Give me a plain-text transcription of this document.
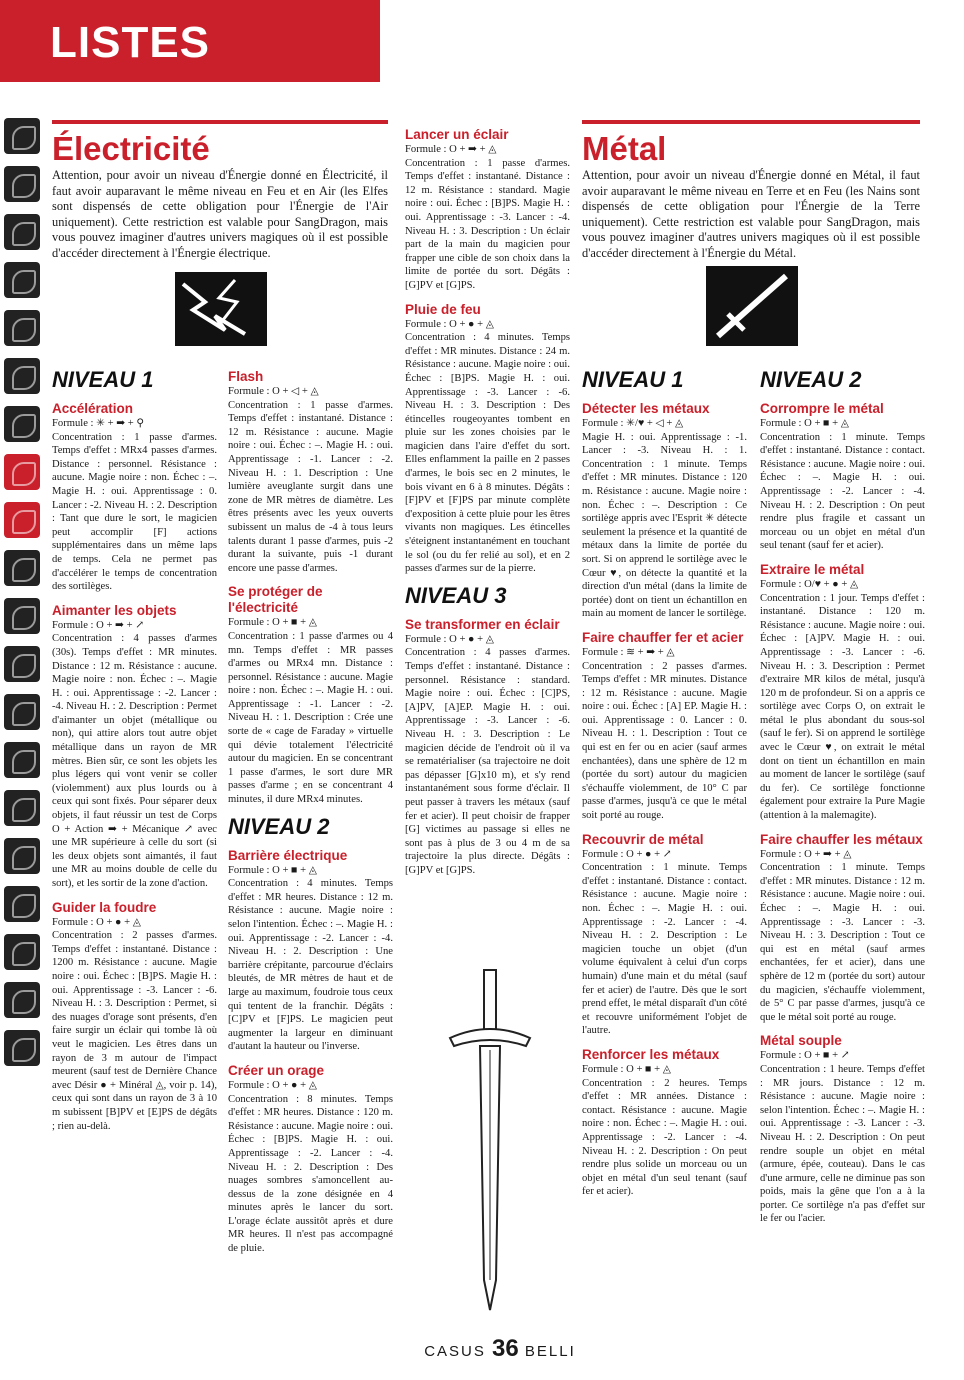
LISTES
Électricité
Attention, pour avoir un niveau d'Énergie donné en Électricité, il faut avoir auparavant le même niveau en Feu et en Air (les Elfes sont dispensés de cette obligation pour l'Énergie de l'Air uniquement). Cette restriction est valable pour SangDragon, mais vous pouvez imaginer d'autres univers magiques où il est possible d'accéder directement à l'Énergie électrique.
NIVEAU 1
Accélération
Formule : ✳ + ➡ + ⚲
Concentration : 1 passe d'armes. Temps d'effet : MRx4 passes d'armes. Distance : personnel. Résistance : aucune. Magie noire : non. Échec : –. Magie H. : oui. Apprentissage : 0. Lancer : -2. Niveau H. : 2. Description : Tant que dure le sort, le magicien peut accomplir [F] actions supplémentaires dans un même laps de temps. Cela ne permet pas d'accélérer le temps de concentration des sortilèges.
Aimanter les objets
Formule : O + ➡ + ↗
Concentration : 4 passes d'armes (30s). Temps d'effet : MR minutes. Distance : 12 m. Résistance : aucune. Magie noire : non. Échec : –. Magie H. : oui. Apprentissage : -2. Lancer : -4. Niveau H. : 2. Description : Permet d'aimanter un objet (métallique ou non), qui attire alors tout autre objet métallique dans un rayon de MR mètres. Bien sûr, ce sont les objets les plus légers qui vont venir se coller (violemment) aux plus lourds ou à ceux qui sont fixés. Pour séparer deux objets, il faut réussir un test de Corps O + Action ➡ + Mécanique ↗ avec une MR supérieure à celle du sort (si les deux objets sont aimantés, il faut une MR au moins double de celle du sort), et les sortir de la zone d'action.
Guider la foudre
Formule : O + ● + ◬
Concentration : 2 passes d'armes. Temps d'effet : instantané. Distance : 1200 m. Résistance : aucune. Magie noire : oui. Échec : [B]PS. Magie H. : oui. Apprentissage : -3. Lancer : -6. Niveau H. : 3. Description : Permet, si des nuages d'orage sont présents, d'en faire surgir un éclair qui tombe là où veut le magicien. Les êtres dans un rayon de 3 m autour de l'impact meurent (sauf test de Dernière Chance avec Désir ● + Minéral ◬, voir p. 14), ceux qui sont dans un rayon de 3 à 10 m subissent [B]PV et [E]PS de dégâts ; rien au-delà.
Flash
Formule : O + ◁ + ◬
Concentration : 1 passe d'armes. Temps d'effet : instantané. Distance : 12 m. Résistance : aucune. Magie noire : oui. Échec : –. Magie H. : oui. Apprentissage : -1. Lancer : -2. Niveau H. : 1. Description : Une lumière aveuglante surgit dans une zone de MR mètres de diamètre. Les êtres présents avec les yeux ouverts subissent un malus de -4 à tous leurs talents durant 1 passe d'armes, puis -2 durant la suivante, puis -1 durant encore une passe d'armes.
Se protéger de l'électricité
Formule : O + ■ + ◬
Concentration : 1 passe d'armes ou 4 mn. Temps d'effet : MR passes d'armes ou MRx4 mn. Distance : personnel. Résistance : aucune. Magie noire : non. Échec : –. Magie H. : oui. Apprentissage : -1. Lancer : -2. Niveau H. : 1. Description : Crée une sorte de « cage de Faraday » virtuelle qui dévie totalement l'électricité autour du magicien. En se concentrant 1 passe d'armes, le sort dure MR passes d'arme ; en se concentrant 4 minutes, il dure MRx4 minutes.
NIVEAU 2
Barrière électrique
Formule : O + ■ + ◬
Concentration : 4 minutes. Temps d'effet : MR heures. Distance : 12 m. Résistance : aucune. Magie noire : selon l'intention. Échec : –. Magie H. : oui. Apprentissage : -2. Lancer : -4. Niveau H. : 2. Description : Une barrière crépitante, parcourue d'éclairs bleutés, de MR mètres de haut et de large au maximum, foudroie tous ceux qui tentent de la franchir. Dégâts : [C]PV et [F]PS. Le magicien peut augmenter la largeur en diminuant d'autant la hauteur ou l'inverse.
Créer un orage
Formule : O + ● + ◬
Concentration : 8 minutes. Temps d'effet : MR heures. Distance : 120 m. Résistance : aucune. Magie noire : oui. Échec : [B]PS. Magie H. : oui. Apprentissage : -2. Lancer : -4. Niveau H. : 2. Description : Des nuages sombres s'amoncellent au-dessus de la zone désignée en 4 minutes après le lancer du sort. L'orage éclate aussitôt après et dure MR heures. Il n'est pas accompagné de pluie.
Lancer un éclair
Formule : O + ➡ + ◬
Concentration : 1 passe d'armes. Temps d'effet : instantané. Distance : 12 m. Résistance : standard. Magie noire : oui. Échec : [B]PS. Magie H. : oui. Apprentissage : -3. Lancer : -4. Niveau H. : 3. Description : Un éclair part de la main du magicien pour frapper une cible de son choix dans la limite de portée du sort. Dégâts : [G]PV et [G]PS.
Pluie de feu
Formule : O + ● + ◬
Concentration : 4 minutes. Temps d'effet : MR minutes. Distance : 24 m. Résistance : aucune. Magie noire : oui. Échec : [B]PS. Magie H. : oui. Apprentissage : -3. Lancer : -6. Niveau H. : 3. Description : Des étincelles rougeoyantes tombent en pluie sur les zones choisies par le magicien dans l'aire d'effet du sort. Elles enflamment la paille en 2 passes d'armes, le bois sec en 2 minutes, le bois vivant en 6 à 8 minutes. Dégâts : [F]PV et [F]PS par minute complète d'exposition à cette pluie pour les êtres vivants non magiques. Les étincelles s'éteignent instantanément en touchant le sol (ou du fer relié au sol), et en 2 passes d'armes sur de la pierre.
NIVEAU 3
Se transformer en éclair
Formule : O + ● + ◬
Concentration : 4 passes d'armes. Temps d'effet : instantané. Distance : personnel. Résistance : standard. Magie noire : oui. Échec : [C]PS, [A]PV, [A]EP. Magie H. : oui. Apprentissage : -3. Lancer : -6. Niveau H. : 3. Description : Le magicien décide de l'endroit où il va se rematérialiser (sa trajectoire ne doit pas dépasser [G]x10 m), et s'y rend instantanément sous forme d'éclair. Il peut passer à travers les métaux (sauf fer et acier). Il peut choisir de frapper [G] victimes au passage si elles ne sont pas à plus de 3 ou 4 m de sa trajectoire la plus directe. Dégâts : [G]PV et [G]PS.
Métal
Attention, pour avoir un niveau d'Énergie donné en Métal, il faut avoir auparavant le même niveau en Terre et en Feu (les Nains sont dispensés de cette obligation pour l'Énergie de la Terre uniquement). Cette restriction est valable pour SangDragon, mais vous pouvez imaginer d'autres univers magiques où il est possible d'accéder directement à l'Énergie du Métal.
NIVEAU 1
Détecter les métaux
Formule : ✳/♥ + ◁ + ◬
Magie H. : oui. Apprentissage : -1. Lancer : -3. Niveau H. : 1. Concentration : 1 minute. Temps d'effet : MR minutes. Distance : 120 m. Résistance : aucune. Magie noire : non. Échec : –. Description : Ce sortilège appris avec l'Esprit ✳ détecte seulement la présence et la quantité de métaux dans la limite de portée du sort. Si on apprend le sortilège avec le Cœur ♥, on détecte la quantité et la direction d'un métal (dans la limite de portée) dont on tient un échantillon en main au moment de lancer le sortilège.
Faire chauffer fer et acier
Formule : ≋ + ➡ + ◬
Concentration : 2 passes d'armes. Temps d'effet : MR minutes. Distance : 12 m. Résistance : aucune. Magie noire : oui. Échec : [A] EP. Magie H. : oui. Apprentissage : 0. Lancer : 0. Niveau H. : 1. Description : Tout ce qui est en fer ou en acier (sauf armes enchantées), dans une sphère de 12 m (portée du sort) autour du magicien s'échauffe violemment, de 10° C par passe d'armes, jusqu'à ce que le métal soit porté au rouge.
Recouvrir de métal
Formule : O + ● + ↗
Concentration : 1 minute. Temps d'effet : instantané. Distance : contact. Résistance : aucune. Magie noire : non. Échec : –. Magie H. : oui. Apprentissage : -2. Lancer : -4. Niveau H. : 2. Description : Le magicien touche un objet (d'un volume équivalent à celui d'un corps humain) d'une main et du métal (sauf fer et acier) de l'autre. Dès que le sort prend effet, le métal disparaît d'un côté et recouvre uniformément l'objet de l'autre.
Renforcer les métaux
Formule : O + ■ + ◬
Concentration : 2 heures. Temps d'effet : MR années. Distance : contact. Résistance : aucune. Magie noire : non. Échec : –. Magie H. : oui. Apprentissage : -2. Lancer : -4. Niveau H. : 2. Description : On peut rendre plus solide un morceau ou un objet en métal d'un seul tenant (sauf fer et acier).
NIVEAU 2
Corrompre le métal
Formule : O + ■ + ◬
Concentration : 1 minute. Temps d'effet : instantané. Distance : contact. Résistance : aucune. Magie noire : oui. Échec : –. Magie H. : oui. Apprentissage : -2. Lancer : -4. Niveau H. : 2. Description : On peut rendre plus fragile et cassant un morceau ou un objet en métal d'un seul tenant (sauf fer et acier).
Extraire le métal
Formule : O/♥ + ● + ◬
Concentration : 1 jour. Temps d'effet : instantané. Distance : 120 m. Résistance : aucune. Magie noire : oui. Échec : [A]PV. Magie H. : oui. Apprentissage : -3. Lancer : -6. Niveau H. : 3. Description : Permet d'extraire MR kilos de métal, jusqu'à 120 m de profondeur. Si on a appris ce sortilège avec Corps O, on extrait le métal le plus abondant du sous-sol (sauf le fer). Si on apprend le sortilège avec le Cœur ♥, on extrait le métal dont on tient un échantillon en main au moment de lancer le sortilège (sauf du fer). Ce sortilège fonctionne également pour extraire la Pure Magie (attention à la malemagite).
Faire chauffer les métaux
Formule : O + ➡ + ◬
Concentration : 1 minute. Temps d'effet : MR minutes. Distance : 12 m. Résistance : aucune. Magie noire : oui. Échec : –. Magie H. : oui. Apprentissage : -3. Lancer : -3. Niveau H. : 3. Description : Tout ce qui est en métal (sauf armes enchantées, fer et acier), dans une sphère de 12 m (portée du sort) autour du magicien, s'échauffe violemment, de 5° C par passe d'armes, jusqu'à ce que le métal soit porté au rouge.
Métal souple
Formule : O + ■ + ↗
Concentration : 1 heure. Temps d'effet : MR jours. Distance : 12 m. Résistance : aucune. Magie noire : selon l'intention. Échec : –. Magie H. : oui. Apprentissage : -3. Lancer : -3. Niveau H. : 2. Description : On peut rendre souple un objet en métal (armure, épée, couteau). Dans le cas d'une armure, celle ne diminue pas son poids, mais la gêne que l'on a à la porter. Ce sortilège n'a pas d'effet sur le fer ou l'acier.
CASUS 36 BELLI
